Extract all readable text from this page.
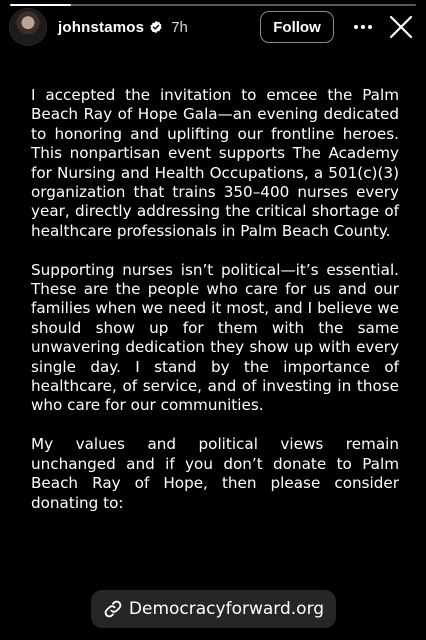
johnstamos 7h	Follow

I accepted the invitation to emcee the Palm Beach Ray of Hope Gala—an evening dedicated to honoring and uplifting our frontline heroes. This nonpartisan event supports The Academy for Nursing and Health Occupations, a 501(c)(3) organization that trains 350–400 nurses every year, directly addressing the critical shortage of healthcare professionals in Palm Beach County.

Supporting nurses isn’t political—it’s essential. These are the people who care for us and our families when we need it most, and I believe we should show up for them with the same unwavering dedication they show up with every single day. I stand by the importance of healthcare, of service, and of investing in those who care for our communities.

My values and political views remain unchanged and if you don’t donate to Palm Beach Ray of Hope, then please consider donating to:

Democracyforward.org
